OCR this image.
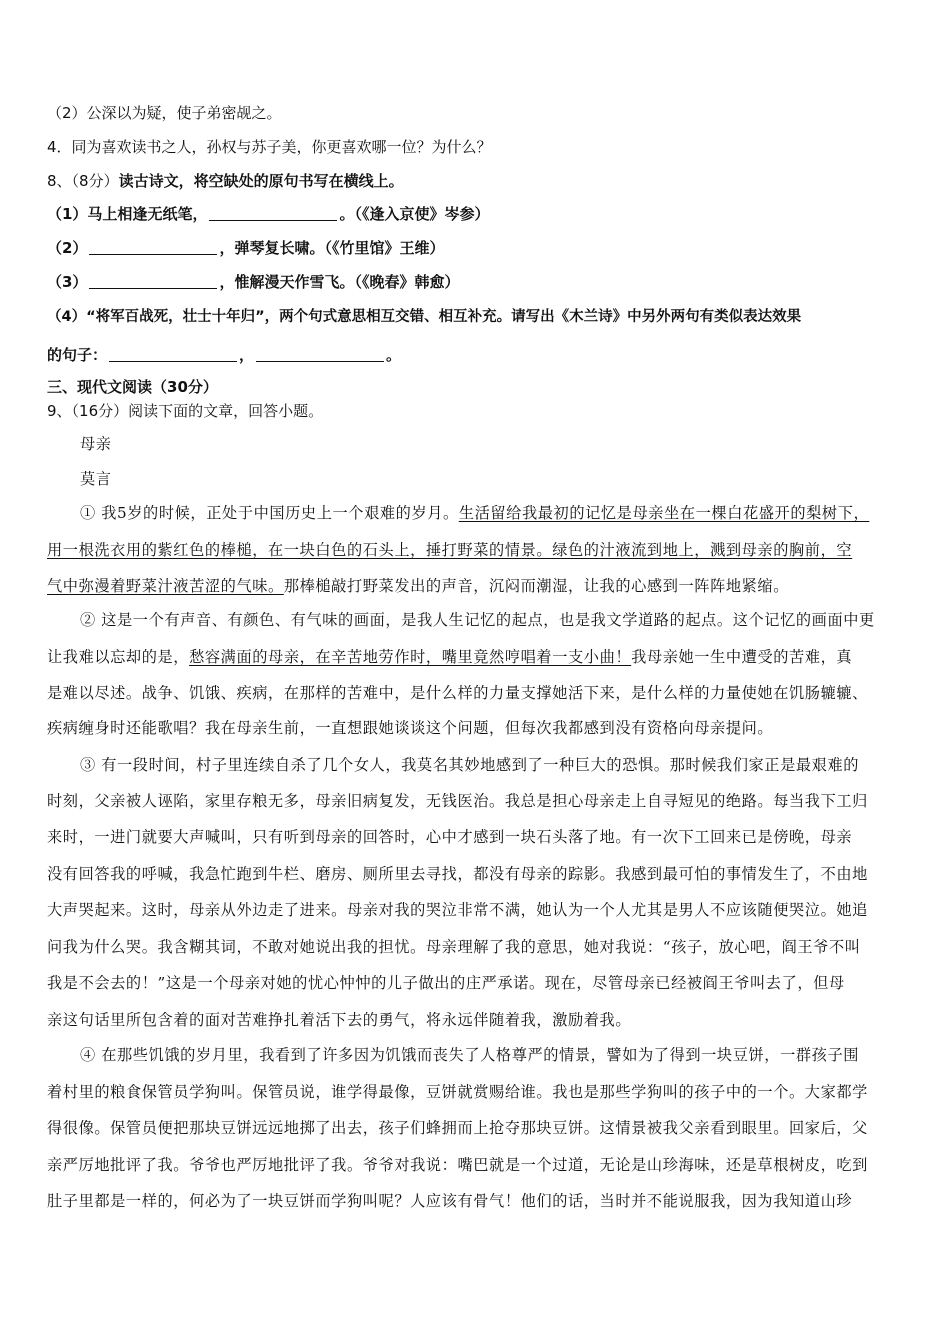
（2）公深以为疑，使子弟密觇之。
4．同为喜欢读书之人，孙权与苏子美，你更喜欢哪一位？为什么？
8、（8分）读古诗文，将空缺处的原句书写在横线上。
（1）马上相逢无纸笔，	。（《逢入京使》岑参）
（2）	，弹琴复长啸。（《竹里馆》王维）
（3）	，惟解漫天作雪飞。（《晚春》韩愈）
（4）“将军百战死，壮士十年归”，两个句式意思相互交错、相互补充。请写出《木兰诗》中另外两句有类似表达效果
的句子：	，	。
三、现代文阅读（30分）
9、（16分）阅读下面的文章，回答小题。
母亲
莫言
① 我5岁的时候，正处于中国历史上一个艰难的岁月。生活留给我最初的记忆是母亲坐在一棵白花盛开的梨树下，
用一根洗衣用的紫红色的棒槌，在一块白色的石头上，捶打野菜的情景。绿色的汁液流到地上，溅到母亲的胸前，空
气中弥漫着野菜汁液苦涩的气味。那棒槌敲打野菜发出的声音，沉闷而潮湿，让我的心感到一阵阵地紧缩。
② 这是一个有声音、有颜色、有气味的画面，是我人生记忆的起点，也是我文学道路的起点。这个记忆的画面中更
让我难以忘却的是，愁容满面的母亲，在辛苦地劳作时，嘴里竟然哼唱着一支小曲！我母亲她一生中遭受的苦难，真
是难以尽述。战争、饥饿、疾病，在那样的苦难中，是什么样的力量支撑她活下来，是什么样的力量使她在饥肠辘辘、
疾病缠身时还能歌唱？我在母亲生前，一直想跟她谈谈这个问题，但每次我都感到没有资格向母亲提问。
③ 有一段时间，村子里连续自杀了几个女人，我莫名其妙地感到了一种巨大的恐惧。那时候我们家正是最艰难的
时刻，父亲被人诬陷，家里存粮无多，母亲旧病复发，无钱医治。我总是担心母亲走上自寻短见的绝路。每当我下工归
来时，一进门就要大声喊叫，只有听到母亲的回答时，心中才感到一块石头落了地。有一次下工回来已是傍晚，母亲
没有回答我的呼喊，我急忙跑到牛栏、磨房、厕所里去寻找，都没有母亲的踪影。我感到最可怕的事情发生了，不由地
大声哭起来。这时，母亲从外边走了进来。母亲对我的哭泣非常不满，她认为一个人尤其是男人不应该随便哭泣。她追
问我为什么哭。我含糊其词，不敢对她说出我的担忧。母亲理解了我的意思，她对我说：“孩子，放心吧，阎王爷不叫
我是不会去的！”这是一个母亲对她的忧心忡忡的儿子做出的庄严承诺。现在，尽管母亲已经被阎王爷叫去了，但母
亲这句话里所包含着的面对苦难挣扎着活下去的勇气，将永远伴随着我，激励着我。
④ 在那些饥饿的岁月里，我看到了许多因为饥饿而丧失了人格尊严的情景，譬如为了得到一块豆饼，一群孩子围
着村里的粮食保管员学狗叫。保管员说，谁学得最像，豆饼就赏赐给谁。我也是那些学狗叫的孩子中的一个。大家都学
得很像。保管员便把那块豆饼远远地掷了出去，孩子们蜂拥而上抢夺那块豆饼。这情景被我父亲看到眼里。回家后，父
亲严厉地批评了我。爷爷也严厉地批评了我。爷爷对我说：嘴巴就是一个过道，无论是山珍海味，还是草根树皮，吃到
肚子里都是一样的，何必为了一块豆饼而学狗叫呢？人应该有骨气！他们的话，当时并不能说服我，因为我知道山珍
